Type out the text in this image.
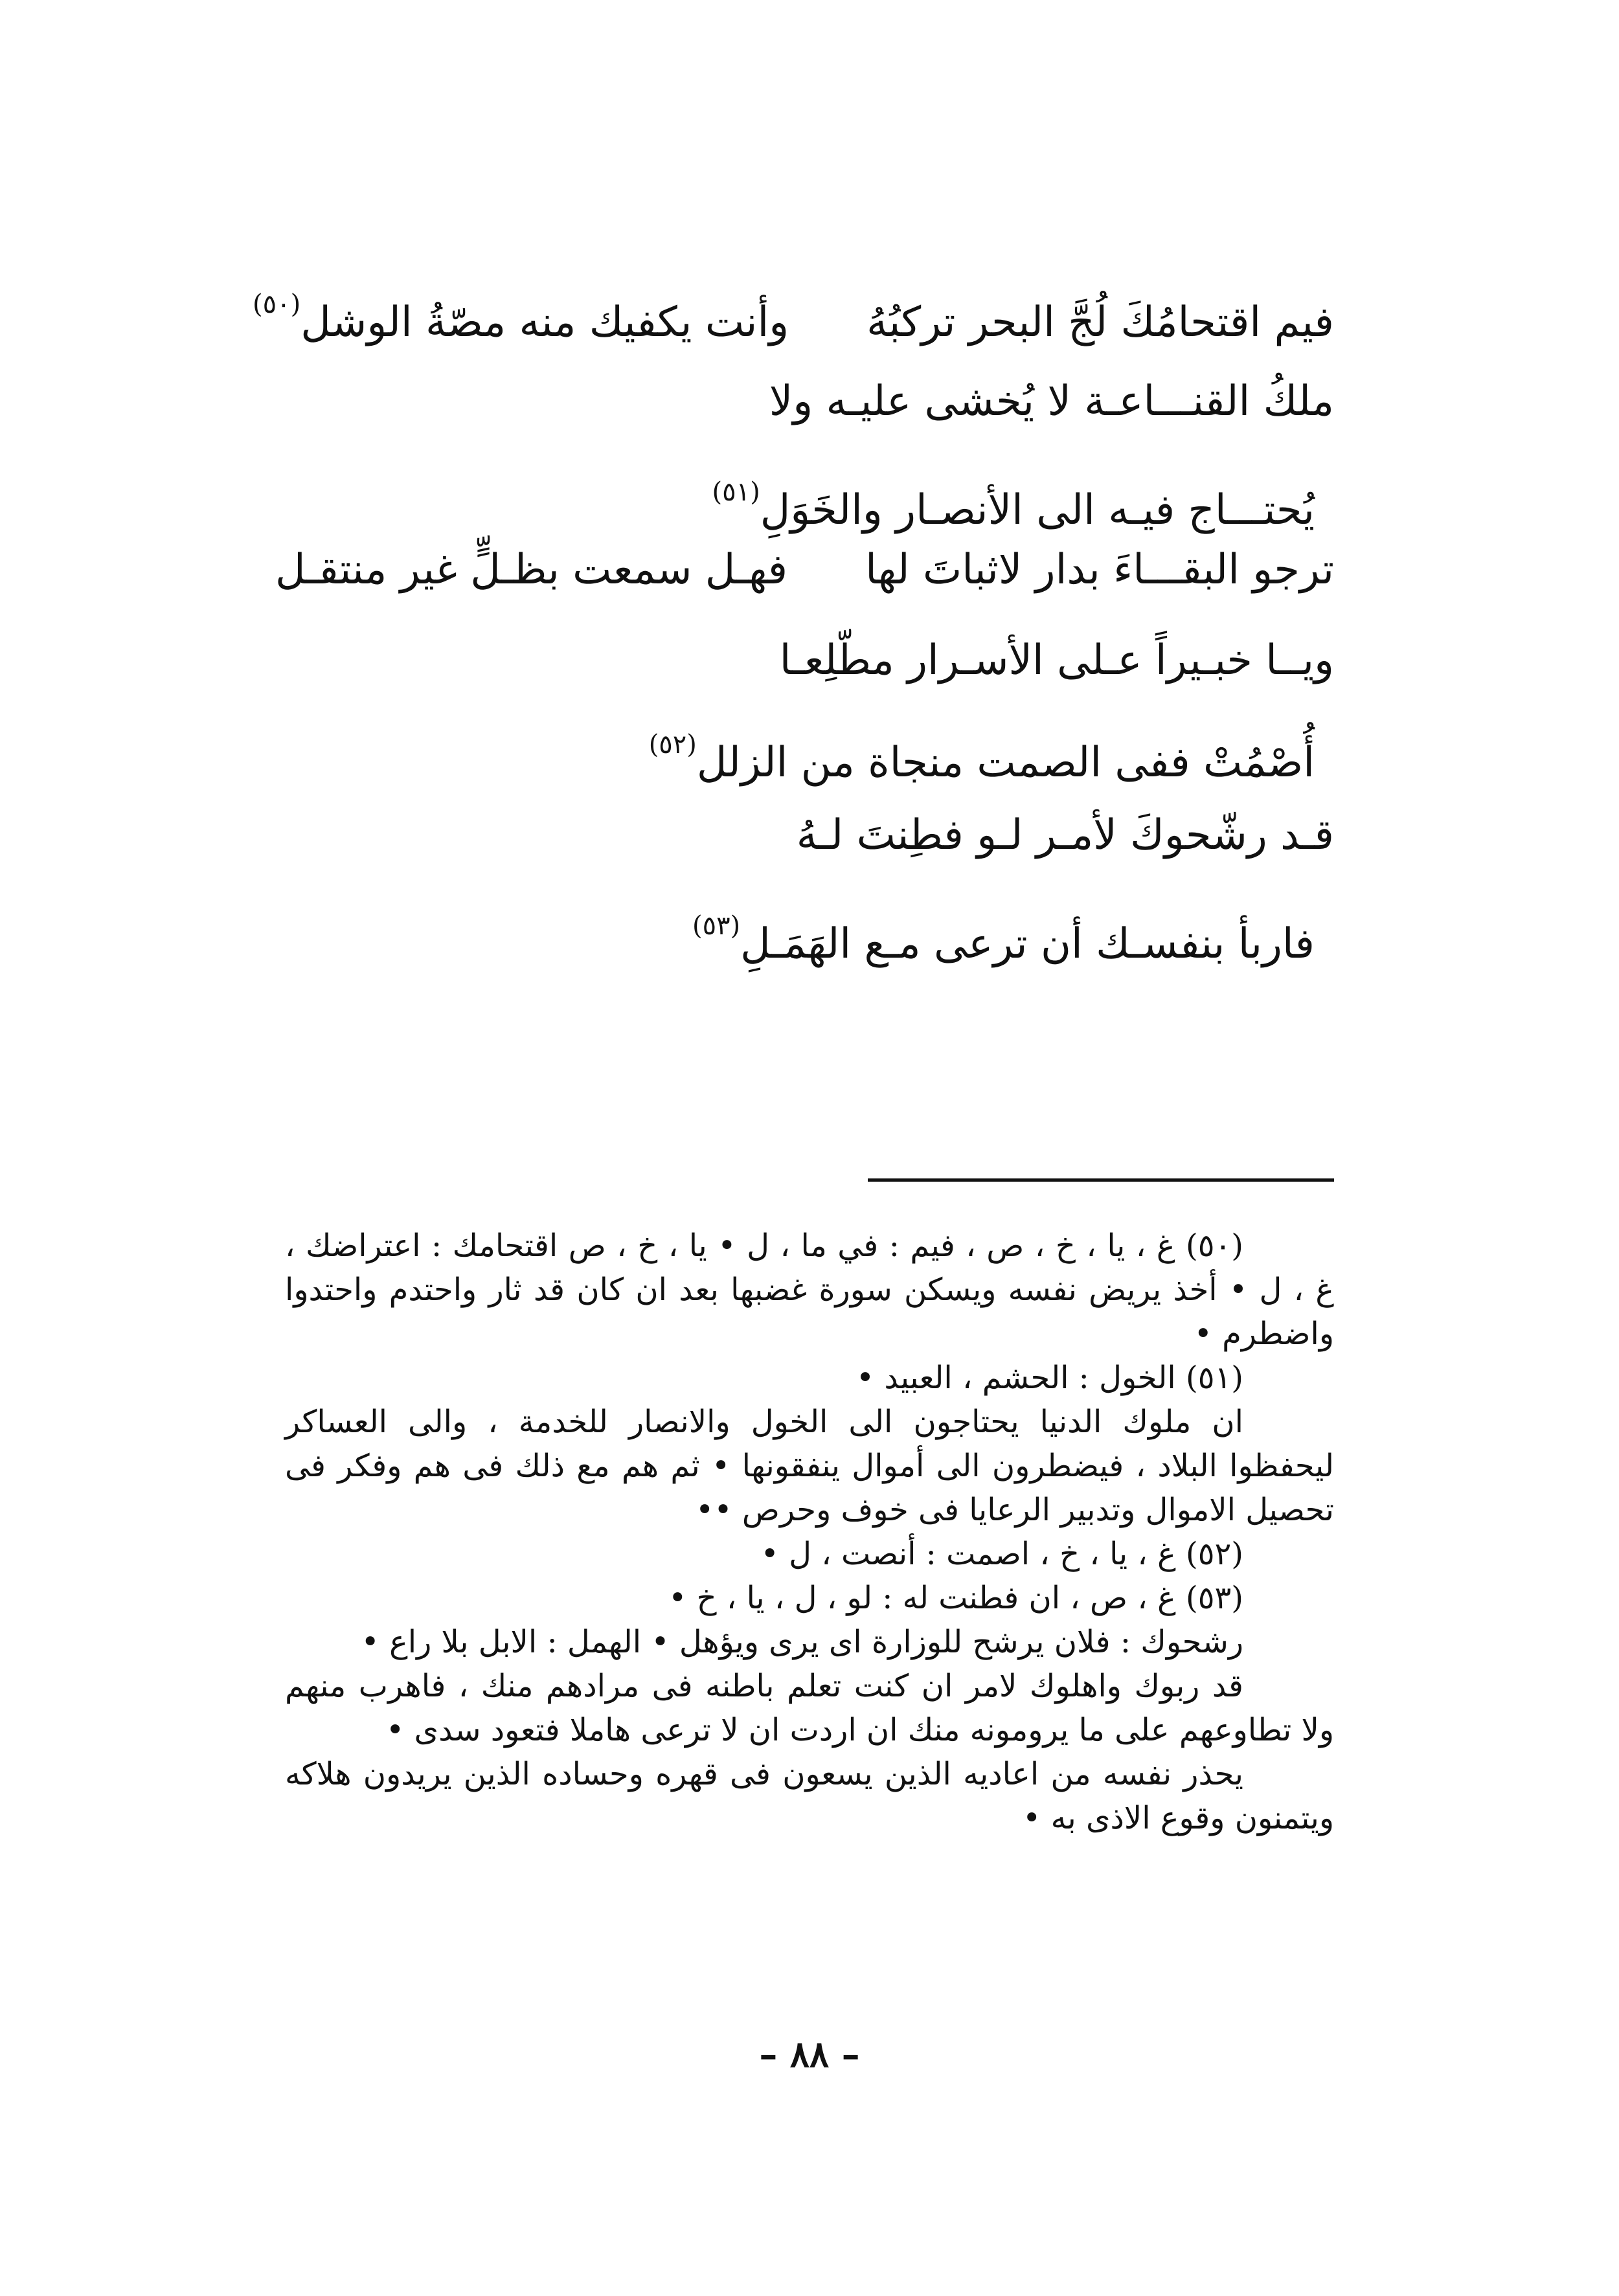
فيم اقتحامُكَ لُجَّ البحر تركبُهُوأنت يكفيك منه مصّةُ الوشل$^{(٥٠)}$
ملكُ القنـــاعـة لا يُخشى عليـه ولا
يُحتـــاج فيـه الى الأنصـار والخَوَلِ$^{(٥١)}$
ترجو البقـــاءَ بدار لاثباتَ لهافهـل سمعت بظـلٍّ غير منتقـل
ويــا خبـيراً عـلى الأسـرار مطّلِعـا
أُصْمُتْ ففى الصمت منجاة من الزلل$^{(٥٢)}$
قـد رشّحوكَ لأمـر لـو فطِنتَ لـهُ
فاربأ بنفسـك أن ترعى مـع الهَمَـلِ$^{(٥٣)}$

(٥٠) غ ، يا ، خ ، ص ، فيم : في ما ، ل • يا ، خ ، ص اقتحامك : اعتراضك ، غ ، ل • أخذ يريض نفسه ويسكن سورة غضبها بعد ان كان قد ثار واحتدم واحتدوا واضطرم •

(٥١) الخول : الحشم ، العبيد •

ان ملوك الدنيا يحتاجون الى الخول والانصار للخدمة ، والى العساكر ليحفظوا البلاد ، فيضطرون الى أموال ينفقونها • ثم هم مع ذلك فى هم وفكر فى تحصيل الاموال وتدبير الرعايا فى خوف وحرص ••

(٥٢) غ ، يا ، خ ، اصمت : أنصت ، ل •

(٥٣) غ ، ص ، ان فطنت له : لو ، ل ، يا ، خ •

رشحوك : فلان يرشح للوزارة اى يرى ويؤهل • الهمل : الابل بلا راع •

قد ربوك واهلوك لامر ان كنت تعلم باطنه فى مرادهم منك ، فاهرب منهم ولا تطاوعهم على ما يرومونه منك ان اردت ان لا ترعى هاملا فتعود سدى •

يحذر نفسه من اعاديه الذين يسعون فى قهره وحساده الذين يريدون هلاكه ويتمنون وقوع الاذى به •

– ٨٨ –
